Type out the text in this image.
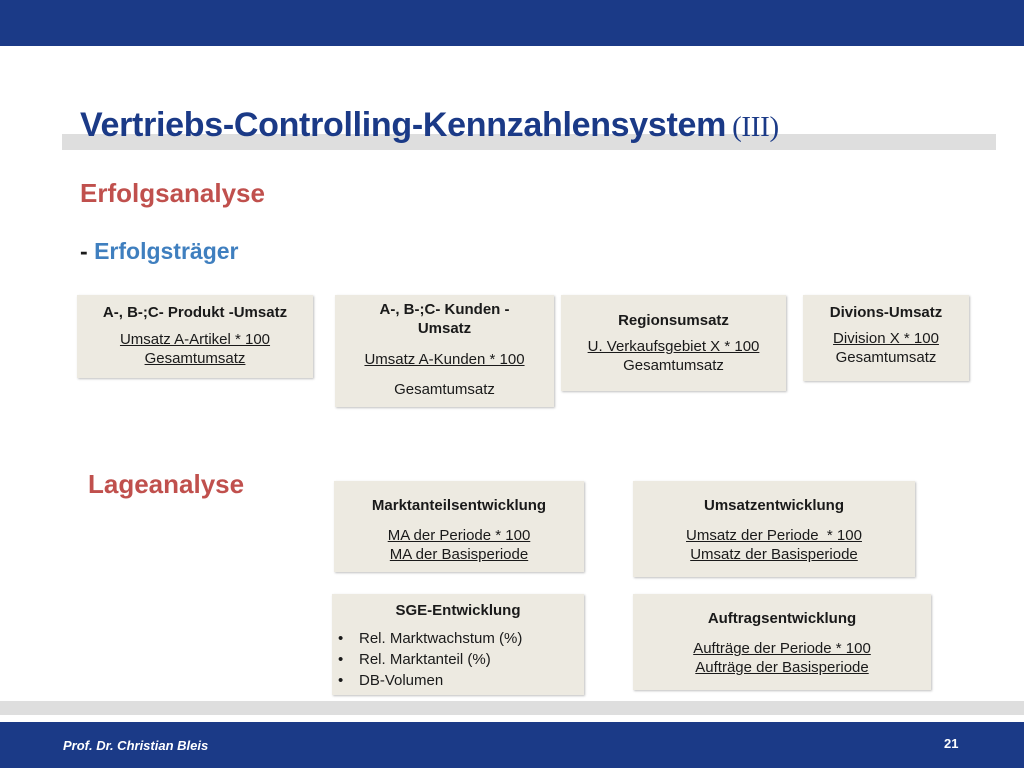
Vertriebs-Controlling-Kennzahlensystem (III)
Erfolgsanalyse
- Erfolgsträger
A-, B-;C- Produkt -Umsatz
Umsatz A-Artikel * 100
Gesamtumsatz
A-, B-;C- Kunden - Umsatz
Umsatz A-Kunden * 100
Gesamtumsatz
Regionsumsatz
U. Verkaufsgebiet X * 100
Gesamtumsatz
Divions-Umsatz
Division X * 100
Gesamtumsatz
Lageanalyse
Marktanteilsentwicklung
MA der Periode * 100
MA der Basisperiode
Umsatzentwicklung
Umsatz der Periode  * 100
Umsatz der Basisperiode
SGE-Entwicklung
• Rel. Marktwachstum (%)
• Rel. Marktanteil (%)
• DB-Volumen
Auftragsentwicklung
Aufträge der Periode * 100
Aufträge der Basisperiode
Prof. Dr. Christian Bleis	21
